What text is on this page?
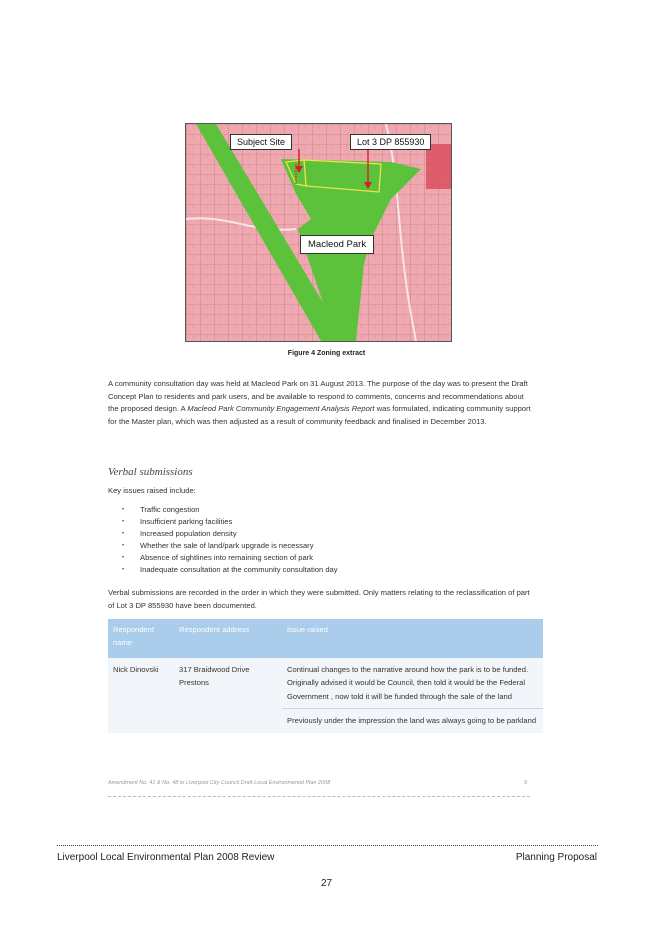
Subject Site	Lot 3 DP 855930
Macleod Park
Figure 4 Zoning extract

A community consultation day was held at Macleod Park on 31 August 2013. The purpose of the day was to present the Draft Concept Plan to residents and park users, and be available to respond to comments, concerns and recommendations about the proposed design. A Macleod Park Community Engagement Analysis Report was formulated, indicating community support for the Master plan, which was then adjusted as a result of community feedback and finalised in December 2013.

Verbal submissions
Key issues raised include:
• Traffic congestion
• Insufficient parking facilities
• Increased population density
• Whether the sale of land/park upgrade is necessary
• Absence of sightlines into remaining section of park
• Inadequate consultation at the community consultation day

Verbal submissions are recorded in the order in which they were submitted. Only matters relating to the reclassification of part of Lot 3 DP 855930 have been documented.

Respondent name	Respondent address	Issue raised
Nick Dinovski	317 Braidwood Drive Prestons	Continual changes to the narrative around how the park is to be funded. Originally advised it would be Council, then told it would be the Federal Government , now told it will be funded through the sale of the land
		Previously under the impression the land was always going to be parkland
Amendment No. 41 & No. 48 to Liverpool City Council Draft Local Environmental Plan 2008	9
Liverpool Local Environmental Plan 2008 Review	Planning Proposal
27
